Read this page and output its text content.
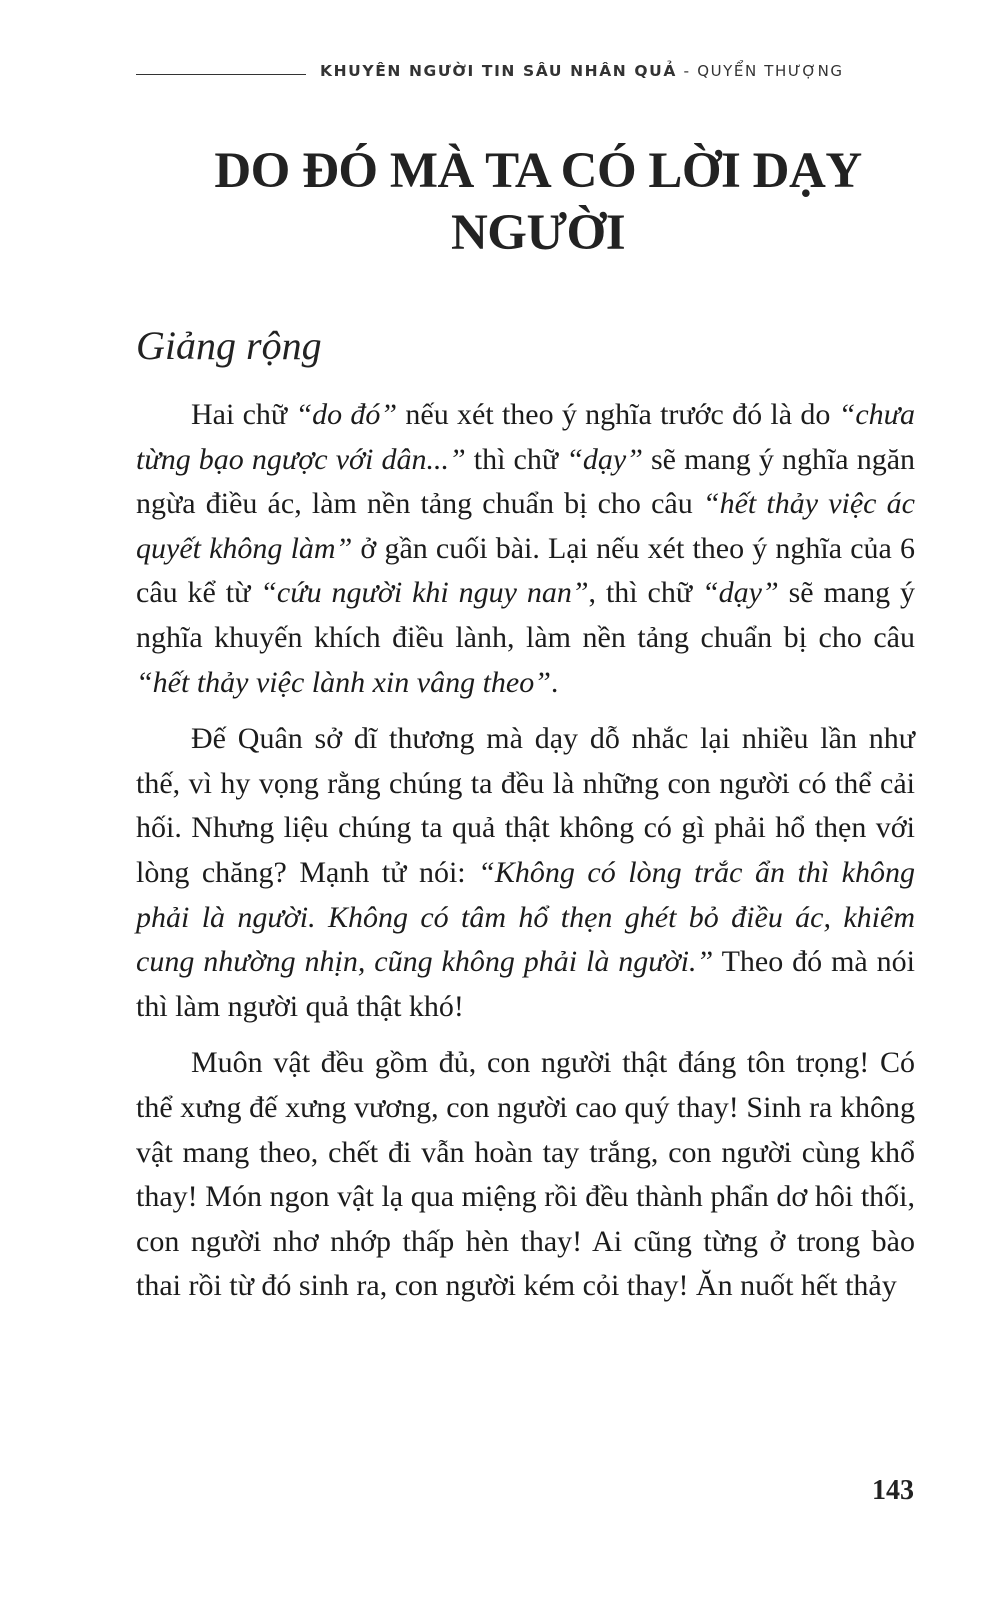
KHUYÊN NGƯỜI TIN SÂU NHÂN QUẢ - QUYỂN THƯỢNG
DO ĐÓ MÀ TA CÓ LỜI DẠY
NGƯỜI
Giảng rộng

Hai chữ “do đó” nếu xét theo ý nghĩa trước đó là do “chưa từng bạo ngược với dân...” thì chữ “dạy” sẽ mang ý nghĩa ngăn ngừa điều ác, làm nền tảng chuẩn bị cho câu “hết thảy việc ác quyết không làm” ở gần cuối bài. Lại nếu xét theo ý nghĩa của 6 câu kể từ “cứu người khi nguy nan”, thì chữ “dạy” sẽ mang ý nghĩa khuyến khích điều lành, làm nền tảng chuẩn bị cho câu “hết thảy việc lành xin vâng theo”.

Đế Quân sở dĩ thương mà dạy dỗ nhắc lại nhiều lần như thế, vì hy vọng rằng chúng ta đều là những con người có thể cải hối. Nhưng liệu chúng ta quả thật không có gì phải hổ thẹn với lòng chăng? Mạnh tử nói: “Không có lòng trắc ẩn thì không phải là người. Không có tâm hổ thẹn ghét bỏ điều ác, khiêm cung nhường nhịn, cũng không phải là người.” Theo đó mà nói thì làm người quả thật khó!

Muôn vật đều gồm đủ, con người thật đáng tôn trọng! Có thể xưng đế xưng vương, con người cao quý thay! Sinh ra không vật mang theo, chết đi vẫn hoàn tay trắng, con người cùng khổ thay! Món ngon vật lạ qua miệng rồi đều thành phẩn dơ hôi thối, con người nhơ nhớp thấp hèn thay! Ai cũng từng ở trong bào thai rồi từ đó sinh ra, con người kém cỏi thay! Ăn nuốt hết thảy

143
